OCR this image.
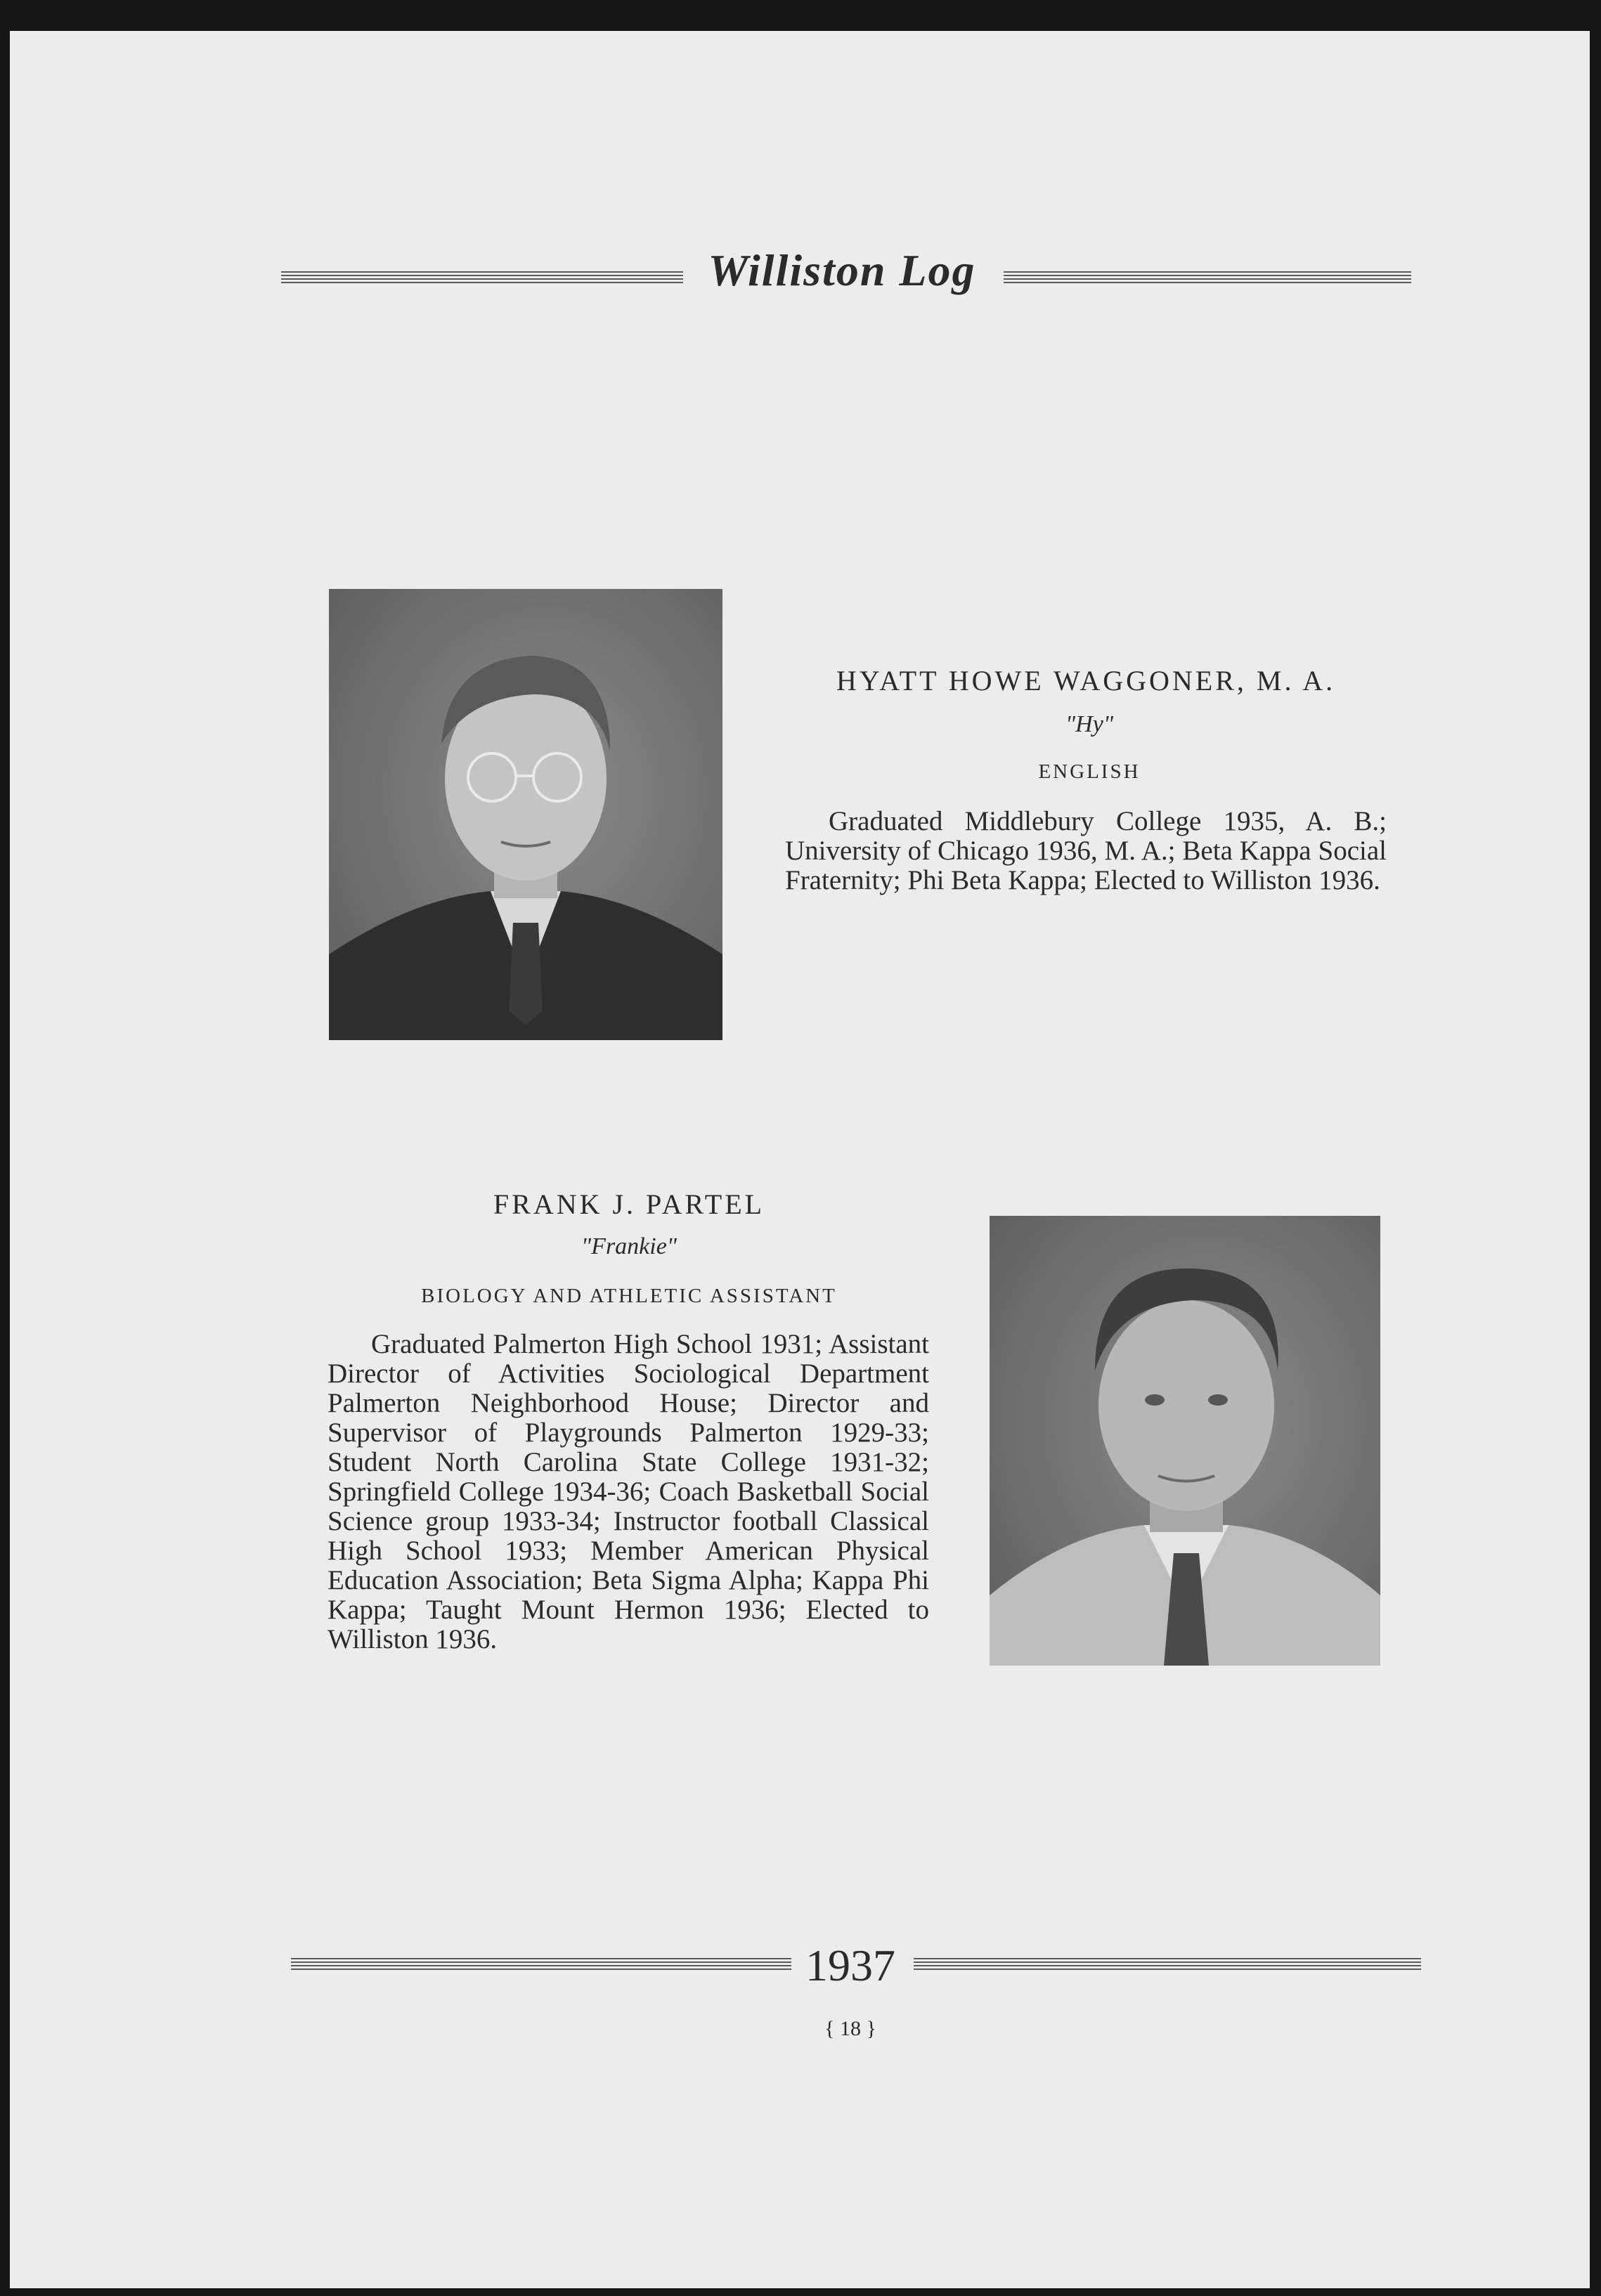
Williston Log
HYATT HOWE WAGGONER, M. A.
"Hy"
ENGLISH
Graduated Middlebury College 1935, A. B.; University of Chicago 1936, M. A.; Beta Kappa Social Fraternity; Phi Beta Kappa; Elected to Williston 1936.
FRANK J. PARTEL
"Frankie"
BIOLOGY AND ATHLETIC ASSISTANT
Graduated Palmerton High School 1931; Assistant Director of Activities Sociological Department Palmerton Neighborhood House; Director and Supervisor of Playgrounds Palmerton 1929-33; Student North Carolina State College 1931-32; Springfield College 1934-36; Coach Basketball Social Science group 1933-34; Instructor football Classical High School 1933; Member American Physical Education Association; Beta Sigma Alpha; Kappa Phi Kappa; Taught Mount Hermon 1936; Elected to Williston 1936.
1937
{ 18 }
